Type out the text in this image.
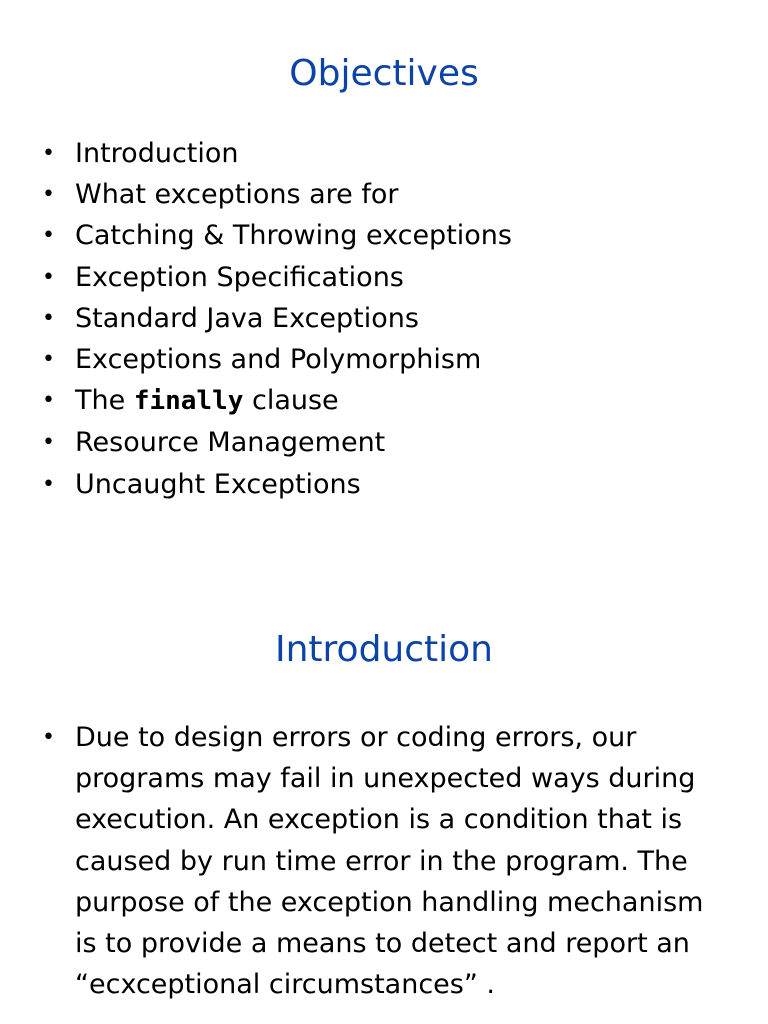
Objectives
• Introduction
• What exceptions are for
• Catching & Throwing exceptions
• Exception Specifications
• Standard Java Exceptions
• Exceptions and Polymorphism
• The finally clause
• Resource Management
• Uncaught Exceptions
Introduction
• Due to design errors or coding errors, our
programs may fail in unexpected ways during
execution. An exception is a condition that is
caused by run time error in the program. The
purpose of the exception handling mechanism
is to provide a means to detect and report an
“ecxceptional circumstances” .
